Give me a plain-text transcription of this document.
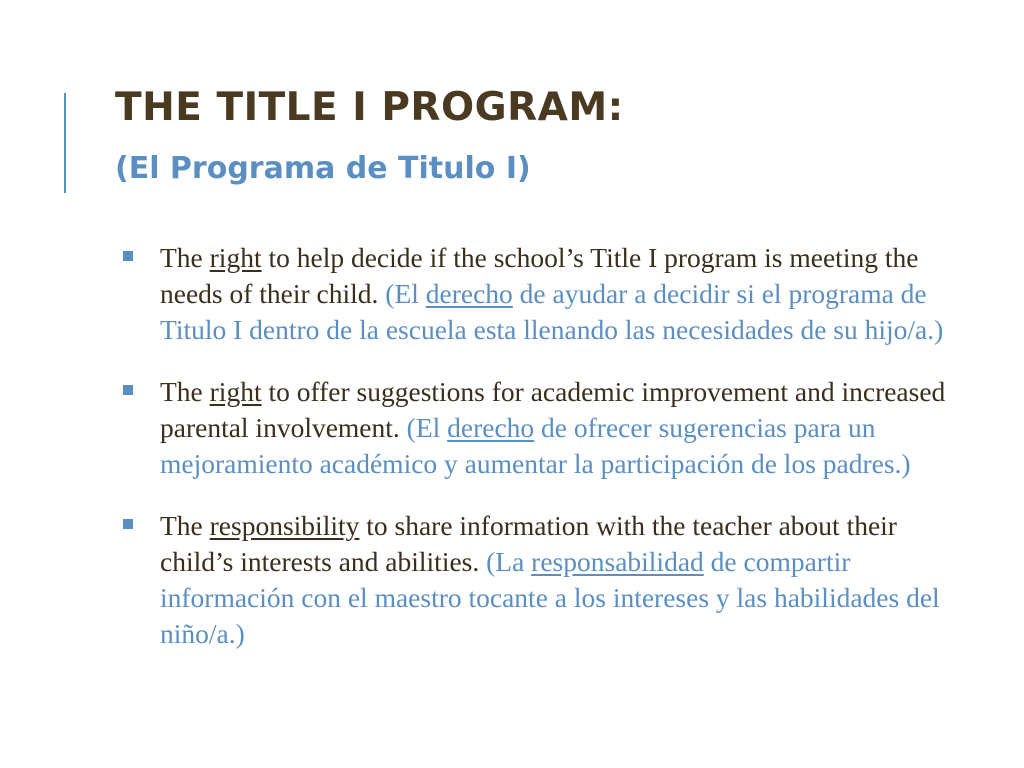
THE TITLE I PROGRAM:
(El Programa de Titulo I)
The right to help decide if the school’s Title I program is meeting the needs of their child. (El derecho de ayudar a decidir si el programa de Titulo I dentro de la escuela esta llenando las necesidades de su hijo/a.)
The right to offer suggestions for academic improvement and increased parental involvement. (El derecho de ofrecer sugerencias para un mejoramiento académico y aumentar la participación de los padres.)
The responsibility to share information with the teacher about their child’s interests and abilities. (La responsabilidad de compartir información con el maestro tocante a los intereses y las habilidades del niño/a.)
